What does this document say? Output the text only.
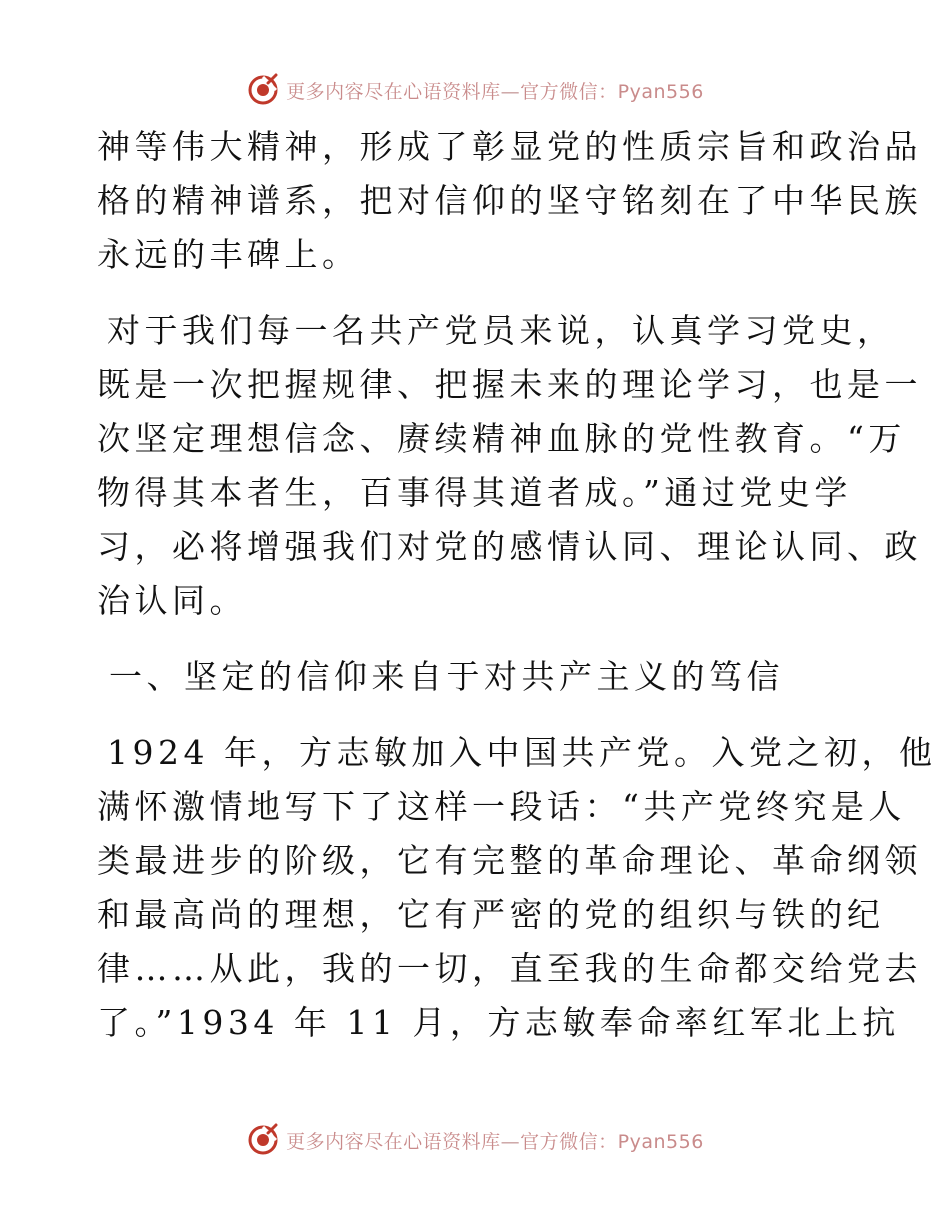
更多内容尽在心语资料库—官方微信：Pyan556
神等伟大精神，形成了彰显党的性质宗旨和政治品
格的精神谱系，把对信仰的坚守铭刻在了中华民族
永远的丰碑上。
对于我们每一名共产党员来说，认真学习党史，
既是一次把握规律、把握未来的理论学习，也是一
次坚定理想信念、赓续精神血脉的党性教育。“万
物得其本者生，百事得其道者成。”通过党史学
习，必将增强我们对党的感情认同、理论认同、政
治认同。
一、坚定的信仰来自于对共产主义的笃信
1924 年，方志敏加入中国共产党。入党之初，他
满怀激情地写下了这样一段话：“共产党终究是人
类最进步的阶级，它有完整的革命理论、革命纲领
和最高尚的理想，它有严密的党的组织与铁的纪
律……从此，我的一切，直至我的生命都交给党去
了。”1934 年 11 月，方志敏奉命率红军北上抗
更多内容尽在心语资料库—官方微信：Pyan556
